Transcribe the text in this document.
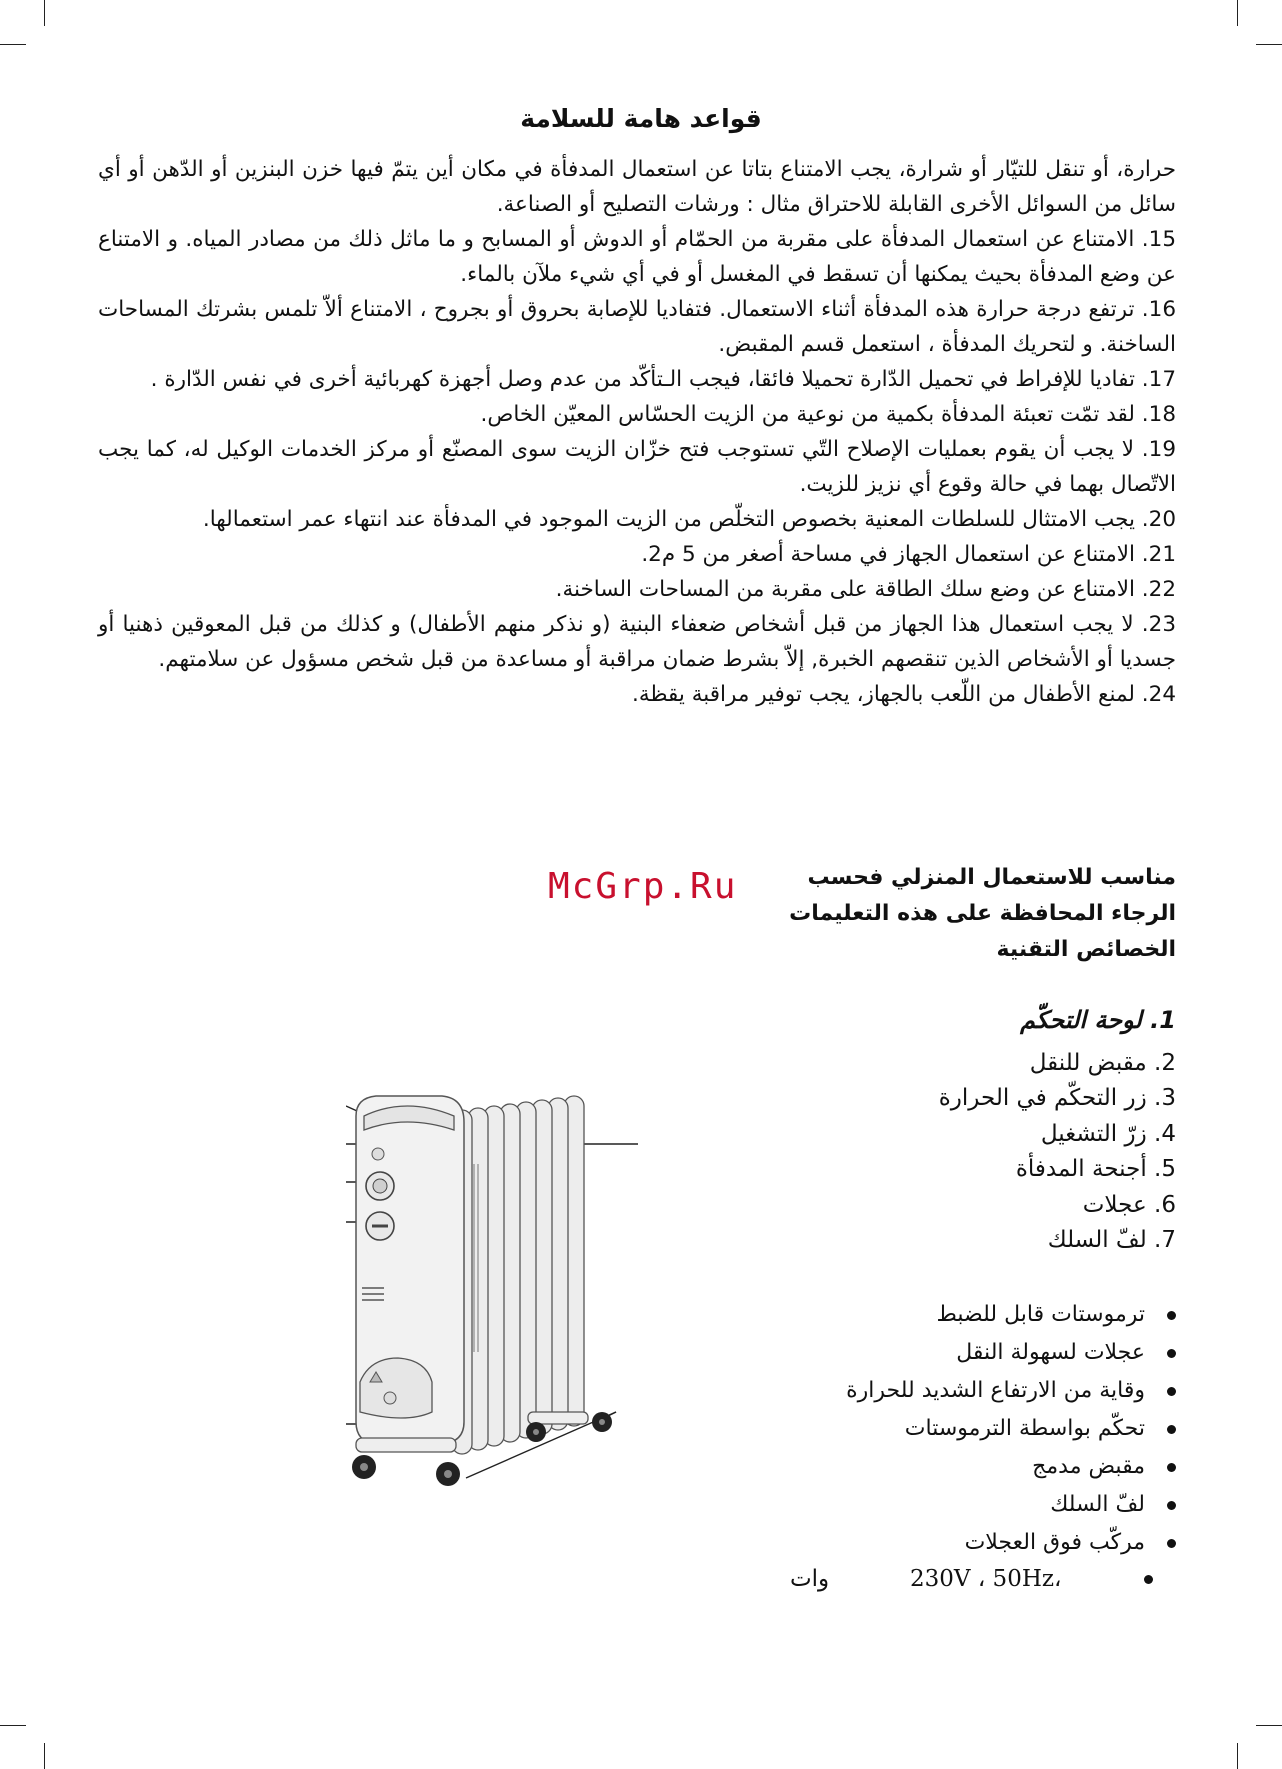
قواعد هامة للسلامة

حرارة، أو تنقل للتيّار أو شرارة، يجب الامتناع بتاتا عن استعمال المدفأة في مكان أين يتمّ فيها خزن البنزين أو الدّهن أو أي سائل من السوائل الأخرى القابلة للاحتراق مثال : ورشات التصليح أو الصناعة.

15. الامتناع عن استعمال المدفأة على مقربة من الحمّام أو الدوش أو المسابح و ما ماثل ذلك من مصادر المياه. و الامتناع عن وضع المدفأة بحيث يمكنها أن تسقط في المغسل أو في أي شيء ملآن بالماء.

16. ترتفع درجة حرارة هذه المدفأة أثناء الاستعمال. فتفاديا للإصابة بحروق أو بجروح ، الامتناع ألاّ تلمس بشرتك المساحات الساخنة. و لتحريك المدفأة ، استعمل قسم المقبض.

17. تفاديا للإفراط في تحميل الدّارة تحميلا فائقا، فيجب الـتأكّد من عدم وصل أجهزة كهربائية أخرى في نفس الدّارة .

18. لقد تمّت تعبئة المدفأة بكمية من نوعية من الزيت الحسّاس المعيّن الخاص.

19. لا يجب أن يقوم بعمليات الإصلاح التّي تستوجب فتح خزّان الزيت سوى المصنّع أو مركز الخدمات الوكيل له، كما يجب الاتّصال بهما في حالة وقوع أي نزيز للزيت.

20. يجب الامتثال للسلطات المعنية بخصوص التخلّص من الزيت الموجود في المدفأة عند انتهاء عمر استعمالها.

21. الامتناع عن استعمال الجهاز في مساحة أصغر من 5 م2.

22. الامتناع عن وضع سلك الطاقة على مقربة من المساحات الساخنة.

23. لا يجب استعمال هذا الجهاز من قبل أشخاص ضعفاء البنية (و نذكر منهم الأطفال) و كذلك من قبل المعوقين ذهنيا أو جسديا أو الأشخاص الذين تنقصهم الخبرة, إلاّ بشرط ضمان مراقبة أو مساعدة من قبل شخص مسؤول عن سلامتهم.

24. لمنع الأطفال من اللّعب بالجهاز، يجب توفير مراقبة يقظة.

McGrp.Ru	مناسب للاستعمال المنزلي فحسب

الرجاء المحافظة على هذه التعليمات

الخصائص التقنية

1. لوحة التحكّم
2. مقبض للنقل
3. زر التحكّم في الحرارة
4. زرّ التشغيل
5. أجنحة المدفأة
6. عجلات
7. لفّ السلك
ترموستات قابل للضبط
عجلات لسهولة النقل
وقاية من الارتفاع الشديد للحرارة
تحكّم بواسطة الترموستات
مقبض مدمج
لفّ السلك
مركّب فوق العجلات
وات	230V ، 50Hz،
